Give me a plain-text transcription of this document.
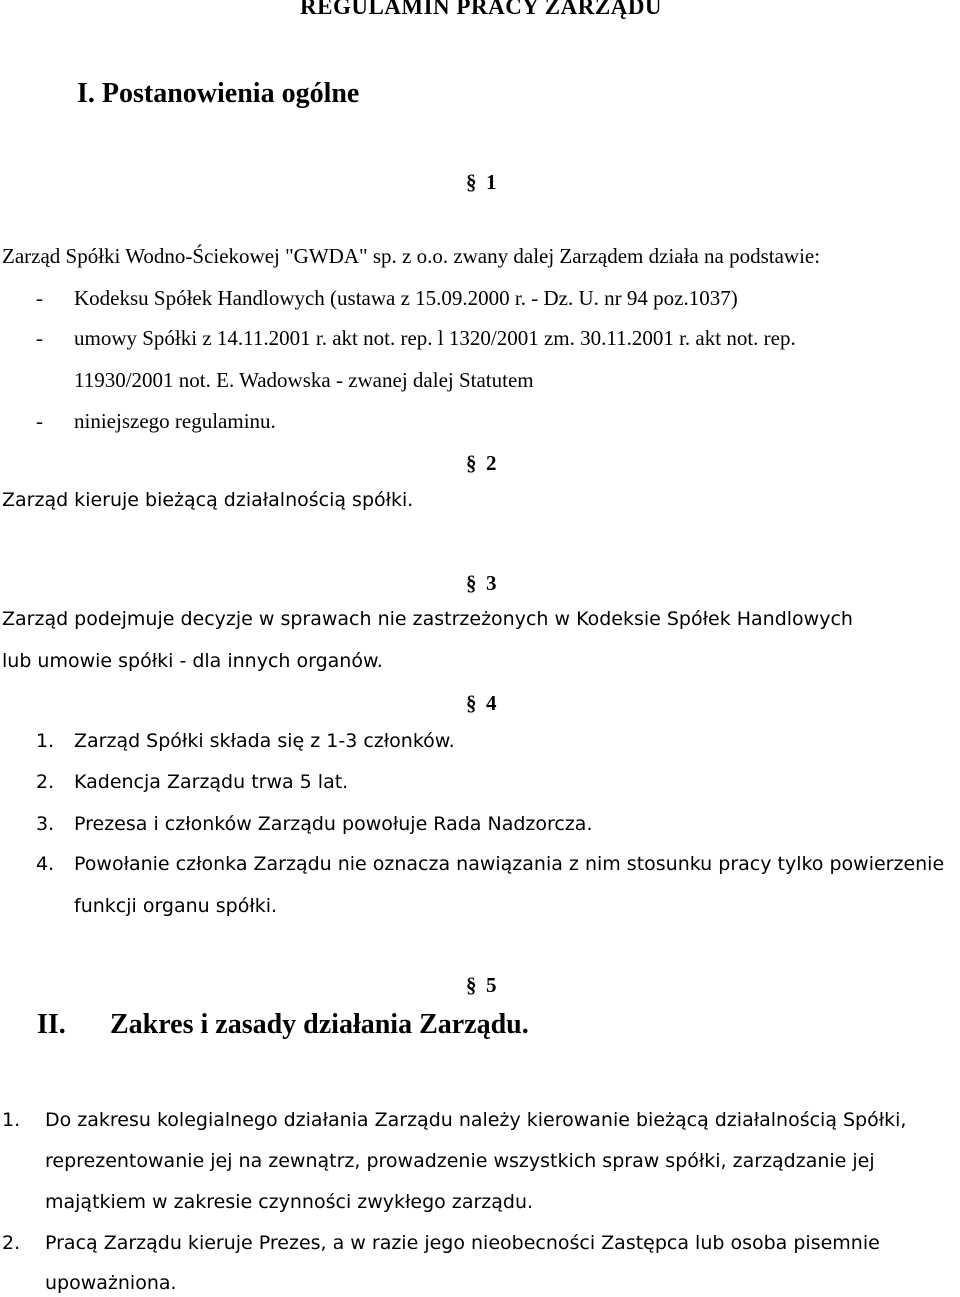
REGULAMIN PRACY ZARZĄDU
I. Postanowienia ogólne
§ 1
Zarząd Spółki Wodno-Ściekowej "GWDA" sp. z o.o. zwany dalej Zarządem działa na podstawie:
- Kodeksu Spółek Handlowych (ustawa z 15.09.2000 r. - Dz. U. nr 94 poz.1037)
- umowy Spółki z 14.11.2001 r. akt not. rep. l 1320/2001 zm. 30.11.2001 r. akt not. rep.
11930/2001 not. E. Wadowska - zwanej dalej Statutem
- niniejszego regulaminu.
§ 2
Zarząd kieruje bieżącą działalnością spółki.
§ 3
Zarząd podejmuje decyzje w sprawach nie zastrzeżonych w Kodeksie Spółek Handlowych
lub umowie spółki - dla innych organów.
§ 4
1. Zarząd Spółki składa się z 1-3 członków.
2. Kadencja Zarządu trwa 5 lat.
3. Prezesa i członków Zarządu powołuje Rada Nadzorcza.
4. Powołanie członka Zarządu nie oznacza nawiązania z nim stosunku pracy tylko powierzenie
funkcji organu spółki.
§ 5
II. Zakres i zasady działania Zarządu.
1. Do zakresu kolegialnego działania Zarządu należy kierowanie bieżącą działalnością Spółki,
reprezentowanie jej na zewnątrz, prowadzenie wszystkich spraw spółki, zarządzanie jej
majątkiem w zakresie czynności zwykłego zarządu.
2. Pracą Zarządu kieruje Prezes, a w razie jego nieobecności Zastępca lub osoba pisemnie
upoważniona.
